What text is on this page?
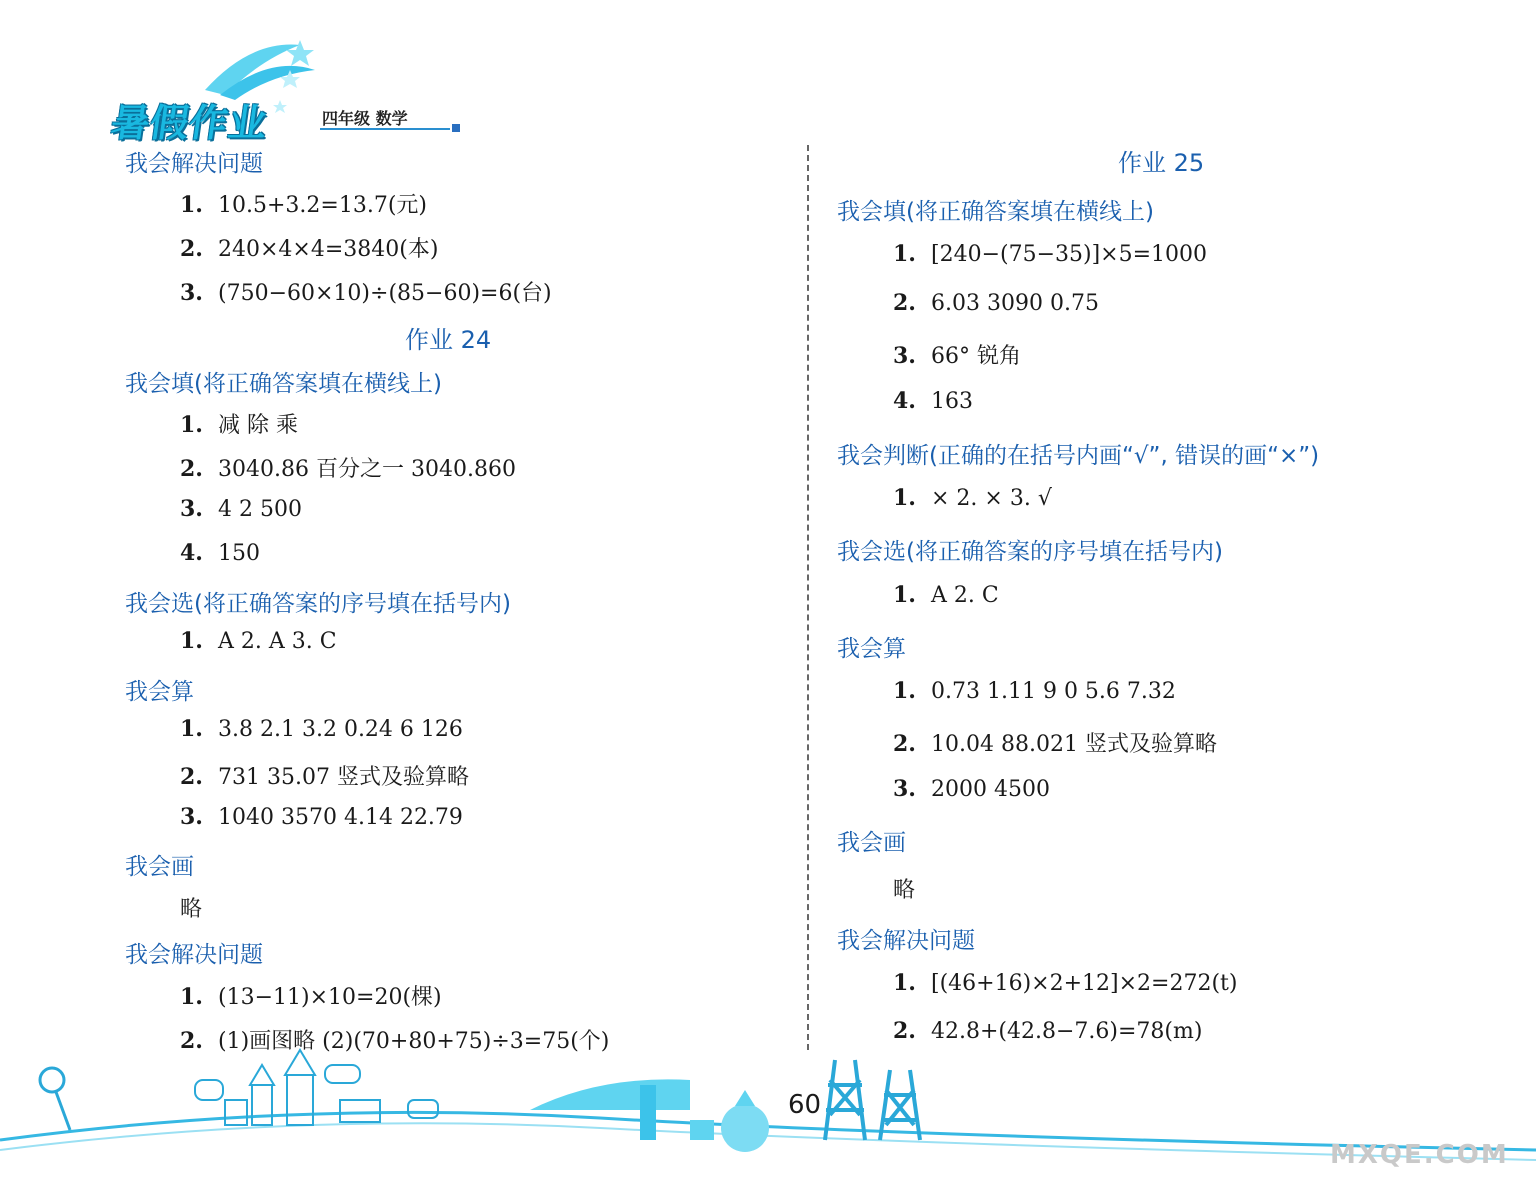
暑假作业	四年级 数学
我会解决问题
1. 10.5+3.2=13.7(元)
2. 240×4×4=3840(本)
3. (750−60×10)÷(85−60)=6(台)
作业 24
我会填(将正确答案填在横线上)
1. 减 除 乘
2. 3040.86 百分之一 3040.860
3. 4 2 500
4. 150
我会选(将正确答案的序号填在括号内)
1. A 2. A 3. C
我会算
1. 3.8 2.1 3.2 0.24 6 126
2. 731 35.07 竖式及验算略
3. 1040 3570 4.14 22.79
我会画
略
我会解决问题
1. (13−11)×10=20(棵)
2. (1)画图略 (2)(70+80+75)÷3=75(个)
作业 25
我会填(将正确答案填在横线上)
1. [240−(75−35)]×5=1000
2. 6.03 3090 0.75
3. 66° 锐角
4. 163
我会判断(正确的在括号内画“√”, 错误的画“×”)
1. × 2. × 3. √
我会选(将正确答案的序号填在括号内)
1. A 2. C
我会算
1. 0.73 1.11 9 0 5.6 7.32
2. 10.04 88.021 竖式及验算略
3. 2000 4500
我会画
略
我会解决问题
1. [(46+16)×2+12]×2=272(t)
2. 42.8+(42.8−7.6)=78(m)
60
MXQE.COM
